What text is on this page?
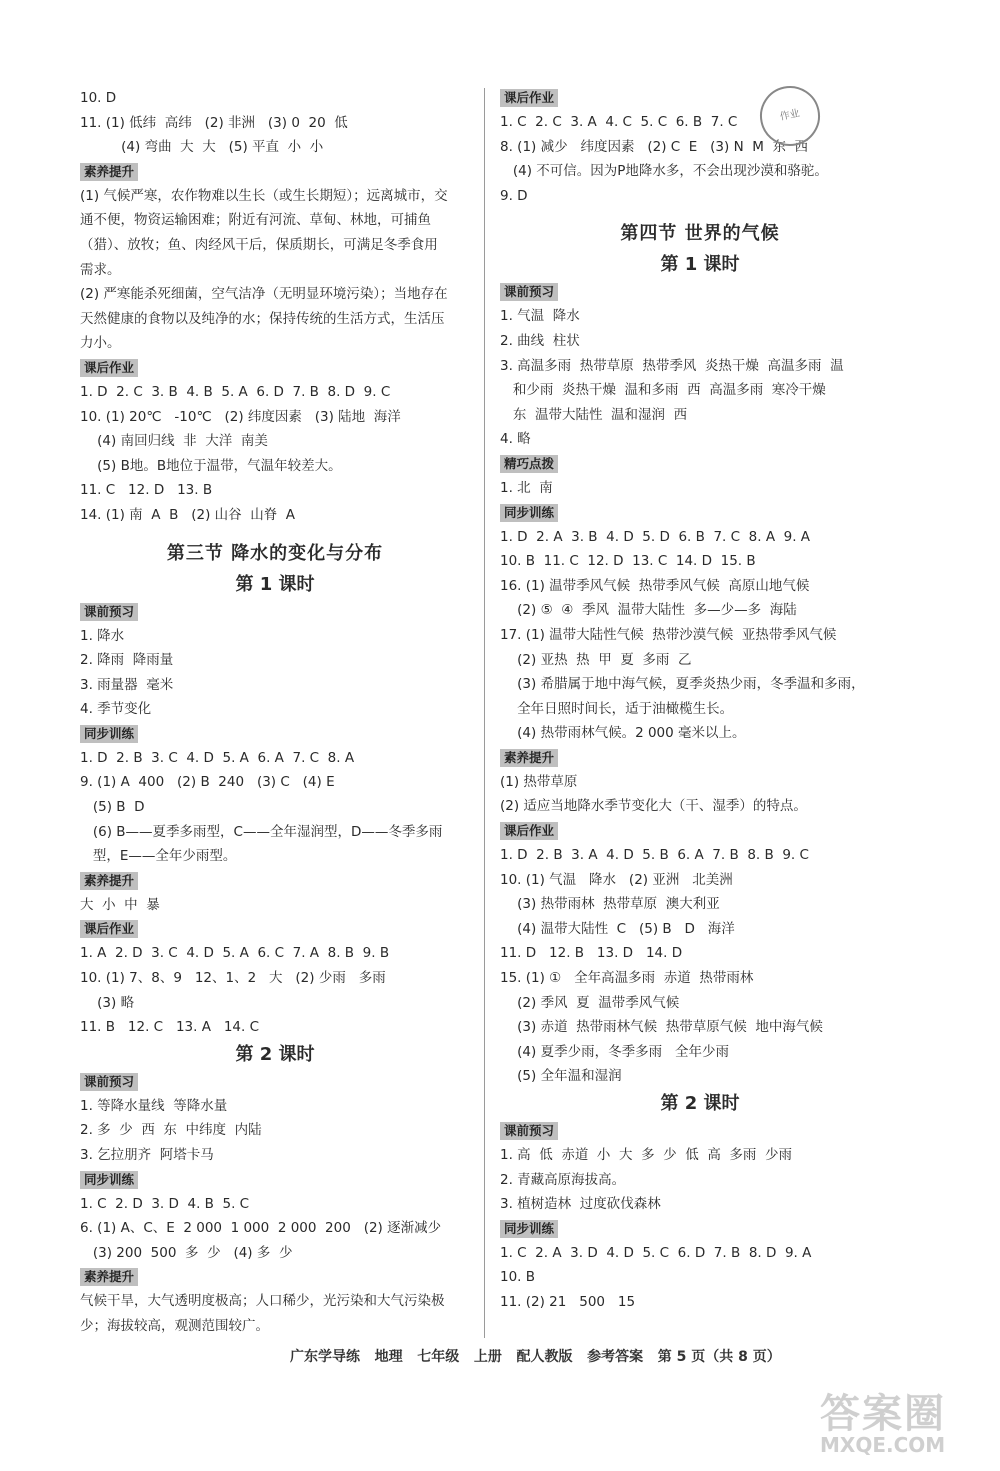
10. D
11. (1) 低纬  高纬   (2) 非洲   (3) 0  20  低
(4) 弯曲  大  大   (5) 平直  小  小
素养提升
(1) 气候严寒，农作物难以生长（或生长期短）；远离城市，交
通不便，物资运输困难；附近有河流、草甸、林地，可捕鱼
（猎）、放牧；鱼、肉经风干后，保质期长，可满足冬季食用
需求。
(2) 严寒能杀死细菌，空气洁净（无明显环境污染）；当地存在
天然健康的食物以及纯净的水；保持传统的生活方式，生活压
力小。
课后作业
1. D  2. C  3. B  4. B  5. A  6. D  7. B  8. D  9. C
10. (1) 20℃   -10℃   (2) 纬度因素   (3) 陆地  海洋
(4) 南回归线  非  大洋  南美
(5) B地。B地位于温带，气温年较差大。
11. C   12. D   13. B
14. (1) 南  A  B   (2) 山谷  山脊  A
第三节 降水的变化与分布
第 1 课时
课前预习
1. 降水
2. 降雨  降雨量
3. 雨量器  毫米
4. 季节变化
同步训练
1. D  2. B  3. C  4. D  5. A  6. A  7. C  8. A
9. (1) A  400   (2) B  240   (3) C   (4) E
(5) B  D
(6) B——夏季多雨型，C——全年湿润型，D——冬季多雨
型，E——全年少雨型。
素养提升
大  小  中  暴
课后作业
1. A  2. D  3. C  4. D  5. A  6. C  7. A  8. B  9. B
10. (1) 7、8、9   12、1、2   大   (2) 少雨   多雨
(3) 略
11. B   12. C   13. A   14. C
第 2 课时
课前预习
1. 等降水量线  等降水量
2. 多  少  西  东  中纬度  内陆
3. 乞拉朋齐  阿塔卡马
同步训练
1. C  2. D  3. D  4. B  5. C
6. (1) A、C、E  2 000  1 000  2 000  200   (2) 逐渐减少
(3) 200  500  多  少   (4) 多  少
素养提升
气候干旱，大气透明度极高；人口稀少，光污染和大气污染极
少；海拔较高，观测范围较广。
课后作业
1. C  2. C  3. A  4. C  5. C  6. B  7. C
8. (1) 减少   纬度因素   (2) C  E   (3) N  M  东  西
(4) 不可信。因为P地降水多，不会出现沙漠和骆驼。
9. D
第四节 世界的气候
第 1 课时
课前预习
1. 气温  降水
2. 曲线  柱状
3. 高温多雨  热带草原  热带季风  炎热干燥  高温多雨  温
和少雨  炎热干燥  温和多雨  西  高温多雨  寒冷干燥
东  温带大陆性  温和湿润  西
4. 略
精巧点拨
1. 北  南
同步训练
1. D  2. A  3. B  4. D  5. D  6. B  7. C  8. A  9. A
10. B  11. C  12. D  13. C  14. D  15. B
16. (1) 温带季风气候  热带季风气候  高原山地气候
(2) ⑤  ④  季风  温带大陆性  多—少—多  海陆
17. (1) 温带大陆性气候  热带沙漠气候  亚热带季风气候
(2) 亚热  热  甲  夏  多雨  乙
(3) 希腊属于地中海气候，夏季炎热少雨，冬季温和多雨，
全年日照时间长，适于油橄榄生长。
(4) 热带雨林气候。2 000 毫米以上。
素养提升
(1) 热带草原
(2) 适应当地降水季节变化大（干、湿季）的特点。
课后作业
1. D  2. B  3. A  4. D  5. B  6. A  7. B  8. B  9. C
10. (1) 气温   降水   (2) 亚洲   北美洲
(3) 热带雨林  热带草原  澳大利亚
(4) 温带大陆性  C   (5) B   D   海洋
11. D   12. B   13. D   14. D
15. (1) ①   全年高温多雨  赤道  热带雨林
(2) 季风  夏  温带季风气候
(3) 赤道  热带雨林气候  热带草原气候  地中海气候
(4) 夏季少雨，冬季多雨   全年少雨
(5) 全年温和湿润
第 2 课时
课前预习
1. 高  低  赤道  小  大  多  少  低  高  多雨  少雨
2. 青藏高原海拔高。
3. 植树造林  过度砍伐森林
同步训练
1. C  2. A  3. D  4. D  5. C  6. D  7. B  8. D  9. A
10. B
11. (2) 21   500   15
作业
广东学导练   地理   七年级   上册   配人教版   参考答案   第 5 页（共 8 页）
答案圈
MXQE.COM
